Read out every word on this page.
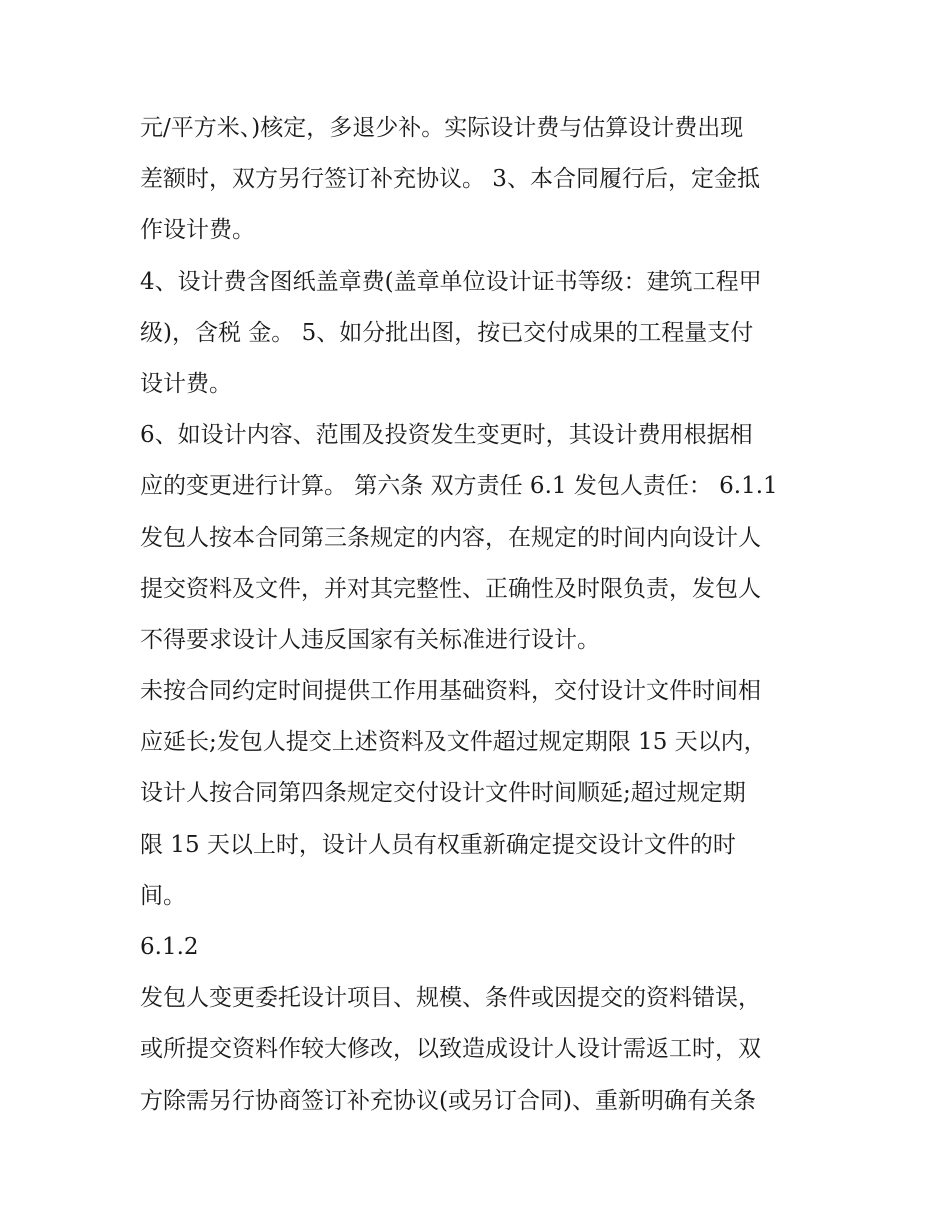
元/平方米、)核定，多退少补。实际设计费与估算设计费出现
差额时，双方另行签订补充协议。 3、本合同履行后，定金抵
作设计费。
4、设计费含图纸盖章费(盖章单位设计证书等级：建筑工程甲
级)，含税 金。 5、如分批出图，按已交付成果的工程量支付
设计费。
6、如设计内容、范围及投资发生变更时，其设计费用根据相
应的变更进行计算。 第六条 双方责任 6.1 发包人责任： 6.1.1
发包人按本合同第三条规定的内容，在规定的时间内向设计人
提交资料及文件，并对其完整性、正确性及时限负责，发包人
不得要求设计人违反国家有关标准进行设计。
未按合同约定时间提供工作用基础资料，交付设计文件时间相
应延长;发包人提交上述资料及文件超过规定期限 15 天以内，
设计人按合同第四条规定交付设计文件时间顺延;超过规定期
限 15 天以上时，设计人员有权重新确定提交设计文件的时
间。
6.1.2
发包人变更委托设计项目、规模、条件或因提交的资料错误，
或所提交资料作较大修改，以致造成设计人设计需返工时，双
方除需另行协商签订补充协议(或另订合同)、重新明确有关条
